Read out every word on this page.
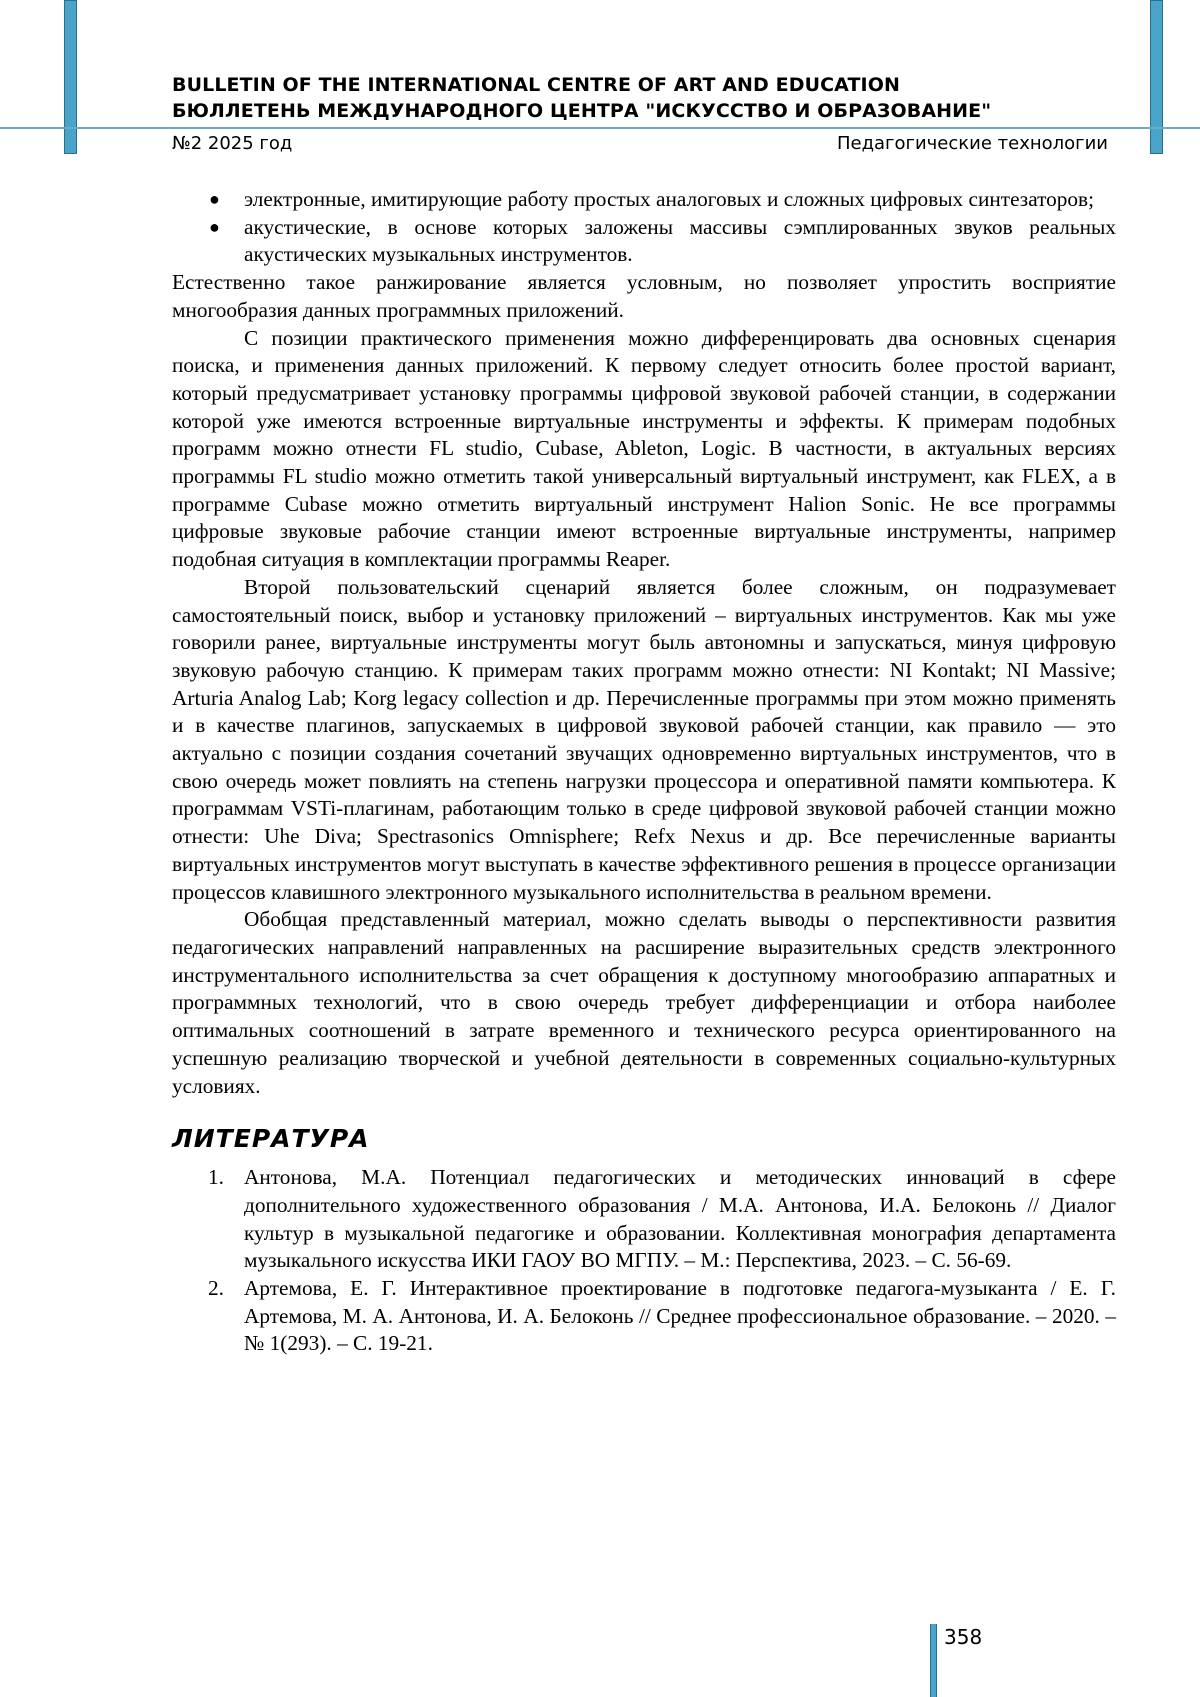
BULLETIN OF THE INTERNATIONAL CENTRE OF ART AND EDUCATION
БЮЛЛЕТЕНЬ МЕЖДУНАРОДНОГО ЦЕНТРА "ИСКУССТВО И ОБРАЗОВАНИЕ"
№2 2025 год	Педагогические технологии
● электронные, имитирующие работу простых аналоговых и сложных цифровых синтезаторов;
● акустические, в основе которых заложены массивы сэмплированных звуков реальных акустических музыкальных инструментов.

Естественно такое ранжирование является условным, но позволяет упростить восприятие многообразия данных программных приложений.

С позиции практического применения можно дифференцировать два основных сценария поиска, и применения данных приложений. К первому следует относить более простой вариант, который предусматривает установку программы цифровой звуковой рабочей станции, в содержании которой уже имеются встроенные виртуальные инструменты и эффекты. К примерам подобных программ можно отнести FL studio, Cubase, Ableton, Logic. В частности, в актуальных версиях программы FL studio можно отметить такой универсальный виртуальный инструмент, как FLEX, а в программе Cubase можно отметить виртуальный инструмент Halion Sonic. Не все программы цифровые звуковые рабочие станции имеют встроенные виртуальные инструменты, например подобная ситуация в комплектации программы Reaper.

Второй пользовательский сценарий является более сложным, он подразумевает самостоятельный поиск, выбор и установку приложений – виртуальных инструментов. Как мы уже говорили ранее, виртуальные инструменты могут быль автономны и запускаться, минуя цифровую звуковую рабочую станцию. К примерам таких программ можно отнести: NI Kontakt; NI Massive; Arturia Analog Lab; Korg legacy collection и др. Перечисленные программы при этом можно применять и в качестве плагинов, запускаемых в цифровой звуковой рабочей станции, как правило — это актуально с позиции создания сочетаний звучащих одновременно виртуальных инструментов, что в свою очередь может повлиять на степень нагрузки процессора и оперативной памяти компьютера. К программам VSTi-плагинам, работающим только в среде цифровой звуковой рабочей станции можно отнести: Uhe Diva; Spectrasonics Omnisphere; Refx Nexus и др. Все перечисленные варианты виртуальных инструментов могут выступать в качестве эффективного решения в процессе организации процессов клавишного электронного музыкального исполнительства в реальном времени.

Обобщая представленный материал, можно сделать выводы о перспективности развития педагогических направлений направленных на расширение выразительных средств электронного инструментального исполнительства за счет обращения к доступному многообразию аппаратных и программных технологий, что в свою очередь требует дифференциации и отбора наиболее оптимальных соотношений в затрате временного и технического ресурса ориентированного на успешную реализацию творческой и учебной деятельности в современных социально-культурных условиях.

ЛИТЕРАТУРА
1. Антонова, М.А. Потенциал педагогических и методических инноваций в сфере дополнительного художественного образования / М.А. Антонова, И.А. Белоконь // Диалог культур в музыкальной педагогике и образовании. Коллективная монография департамента музыкального искусства ИКИ ГАОУ ВО МГПУ. – М.: Перспектива, 2023. – С. 56-69.
2. Артемова, Е. Г. Интерактивное проектирование в подготовке педагога-музыканта / Е. Г. Артемова, М. А. Антонова, И. А. Белоконь // Среднее профессиональное образование. – 2020. – № 1(293). – С. 19-21.
358
